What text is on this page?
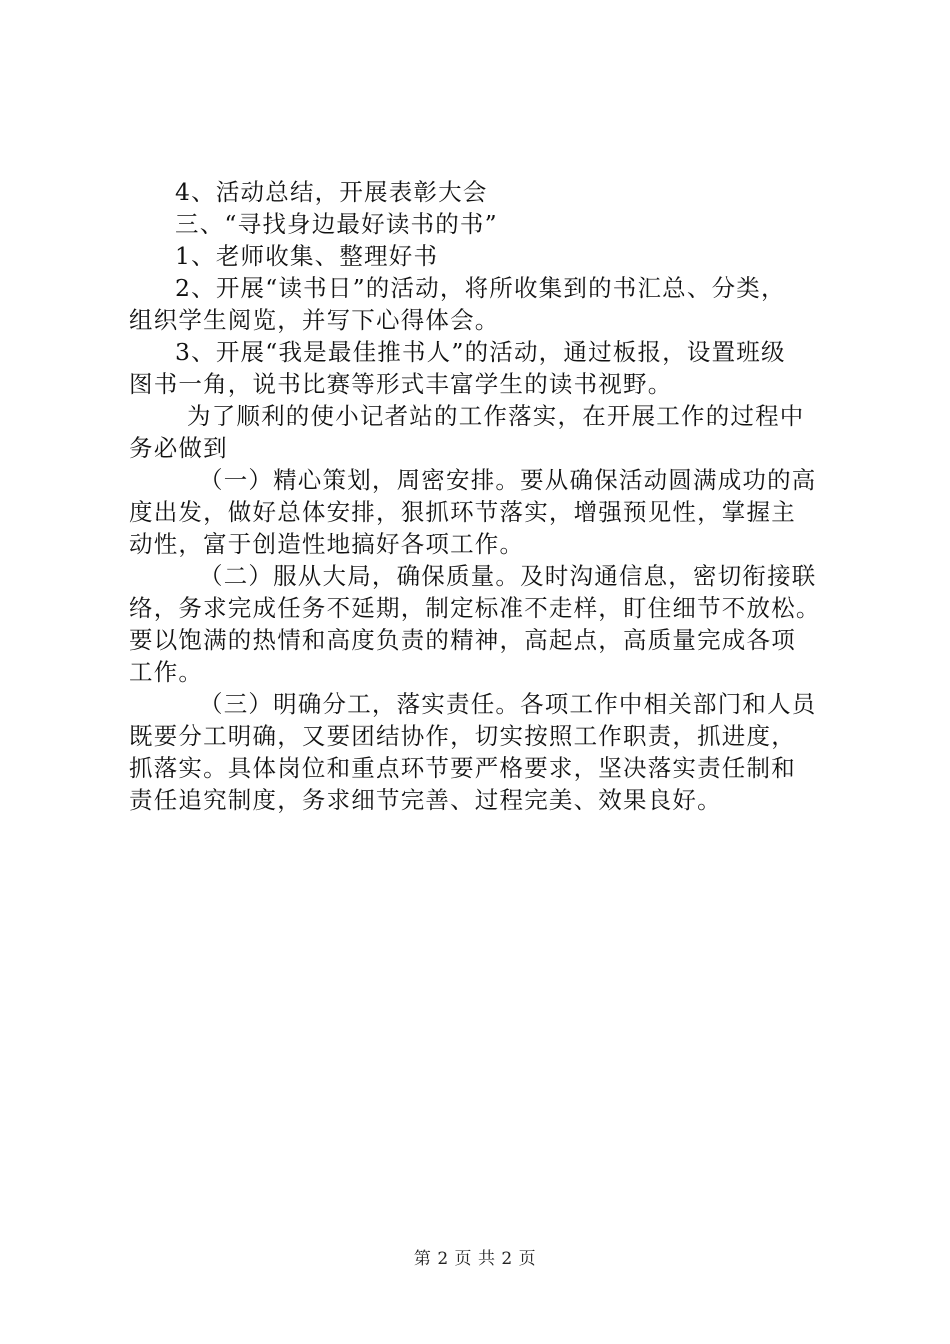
4、活动总结，开展表彰大会
三、“寻找身边最好读书的书”
1、老师收集、整理好书
2、开展“读书日”的活动，将所收集到的书汇总、分类，
组织学生阅览，并写下心得体会。
3、开展“我是最佳推书人”的活动，通过板报，设置班级
图书一角，说书比赛等形式丰富学生的读书视野。
为了顺利的使小记者站的工作落实，在开展工作的过程中
务必做到
（一）精心策划，周密安排。要从确保活动圆满成功的高
度出发，做好总体安排，狠抓环节落实，增强预见性，掌握主
动性，富于创造性地搞好各项工作。
（二）服从大局，确保质量。及时沟通信息，密切衔接联
络，务求完成任务不延期，制定标准不走样，盯住细节不放松。
要以饱满的热情和高度负责的精神，高起点，高质量完成各项
工作。
（三）明确分工，落实责任。各项工作中相关部门和人员
既要分工明确，又要团结协作，切实按照工作职责，抓进度，
抓落实。具体岗位和重点环节要严格要求，坚决落实责任制和
责任追究制度，务求细节完善、过程完美、效果良好。
第 2 页 共 2 页
